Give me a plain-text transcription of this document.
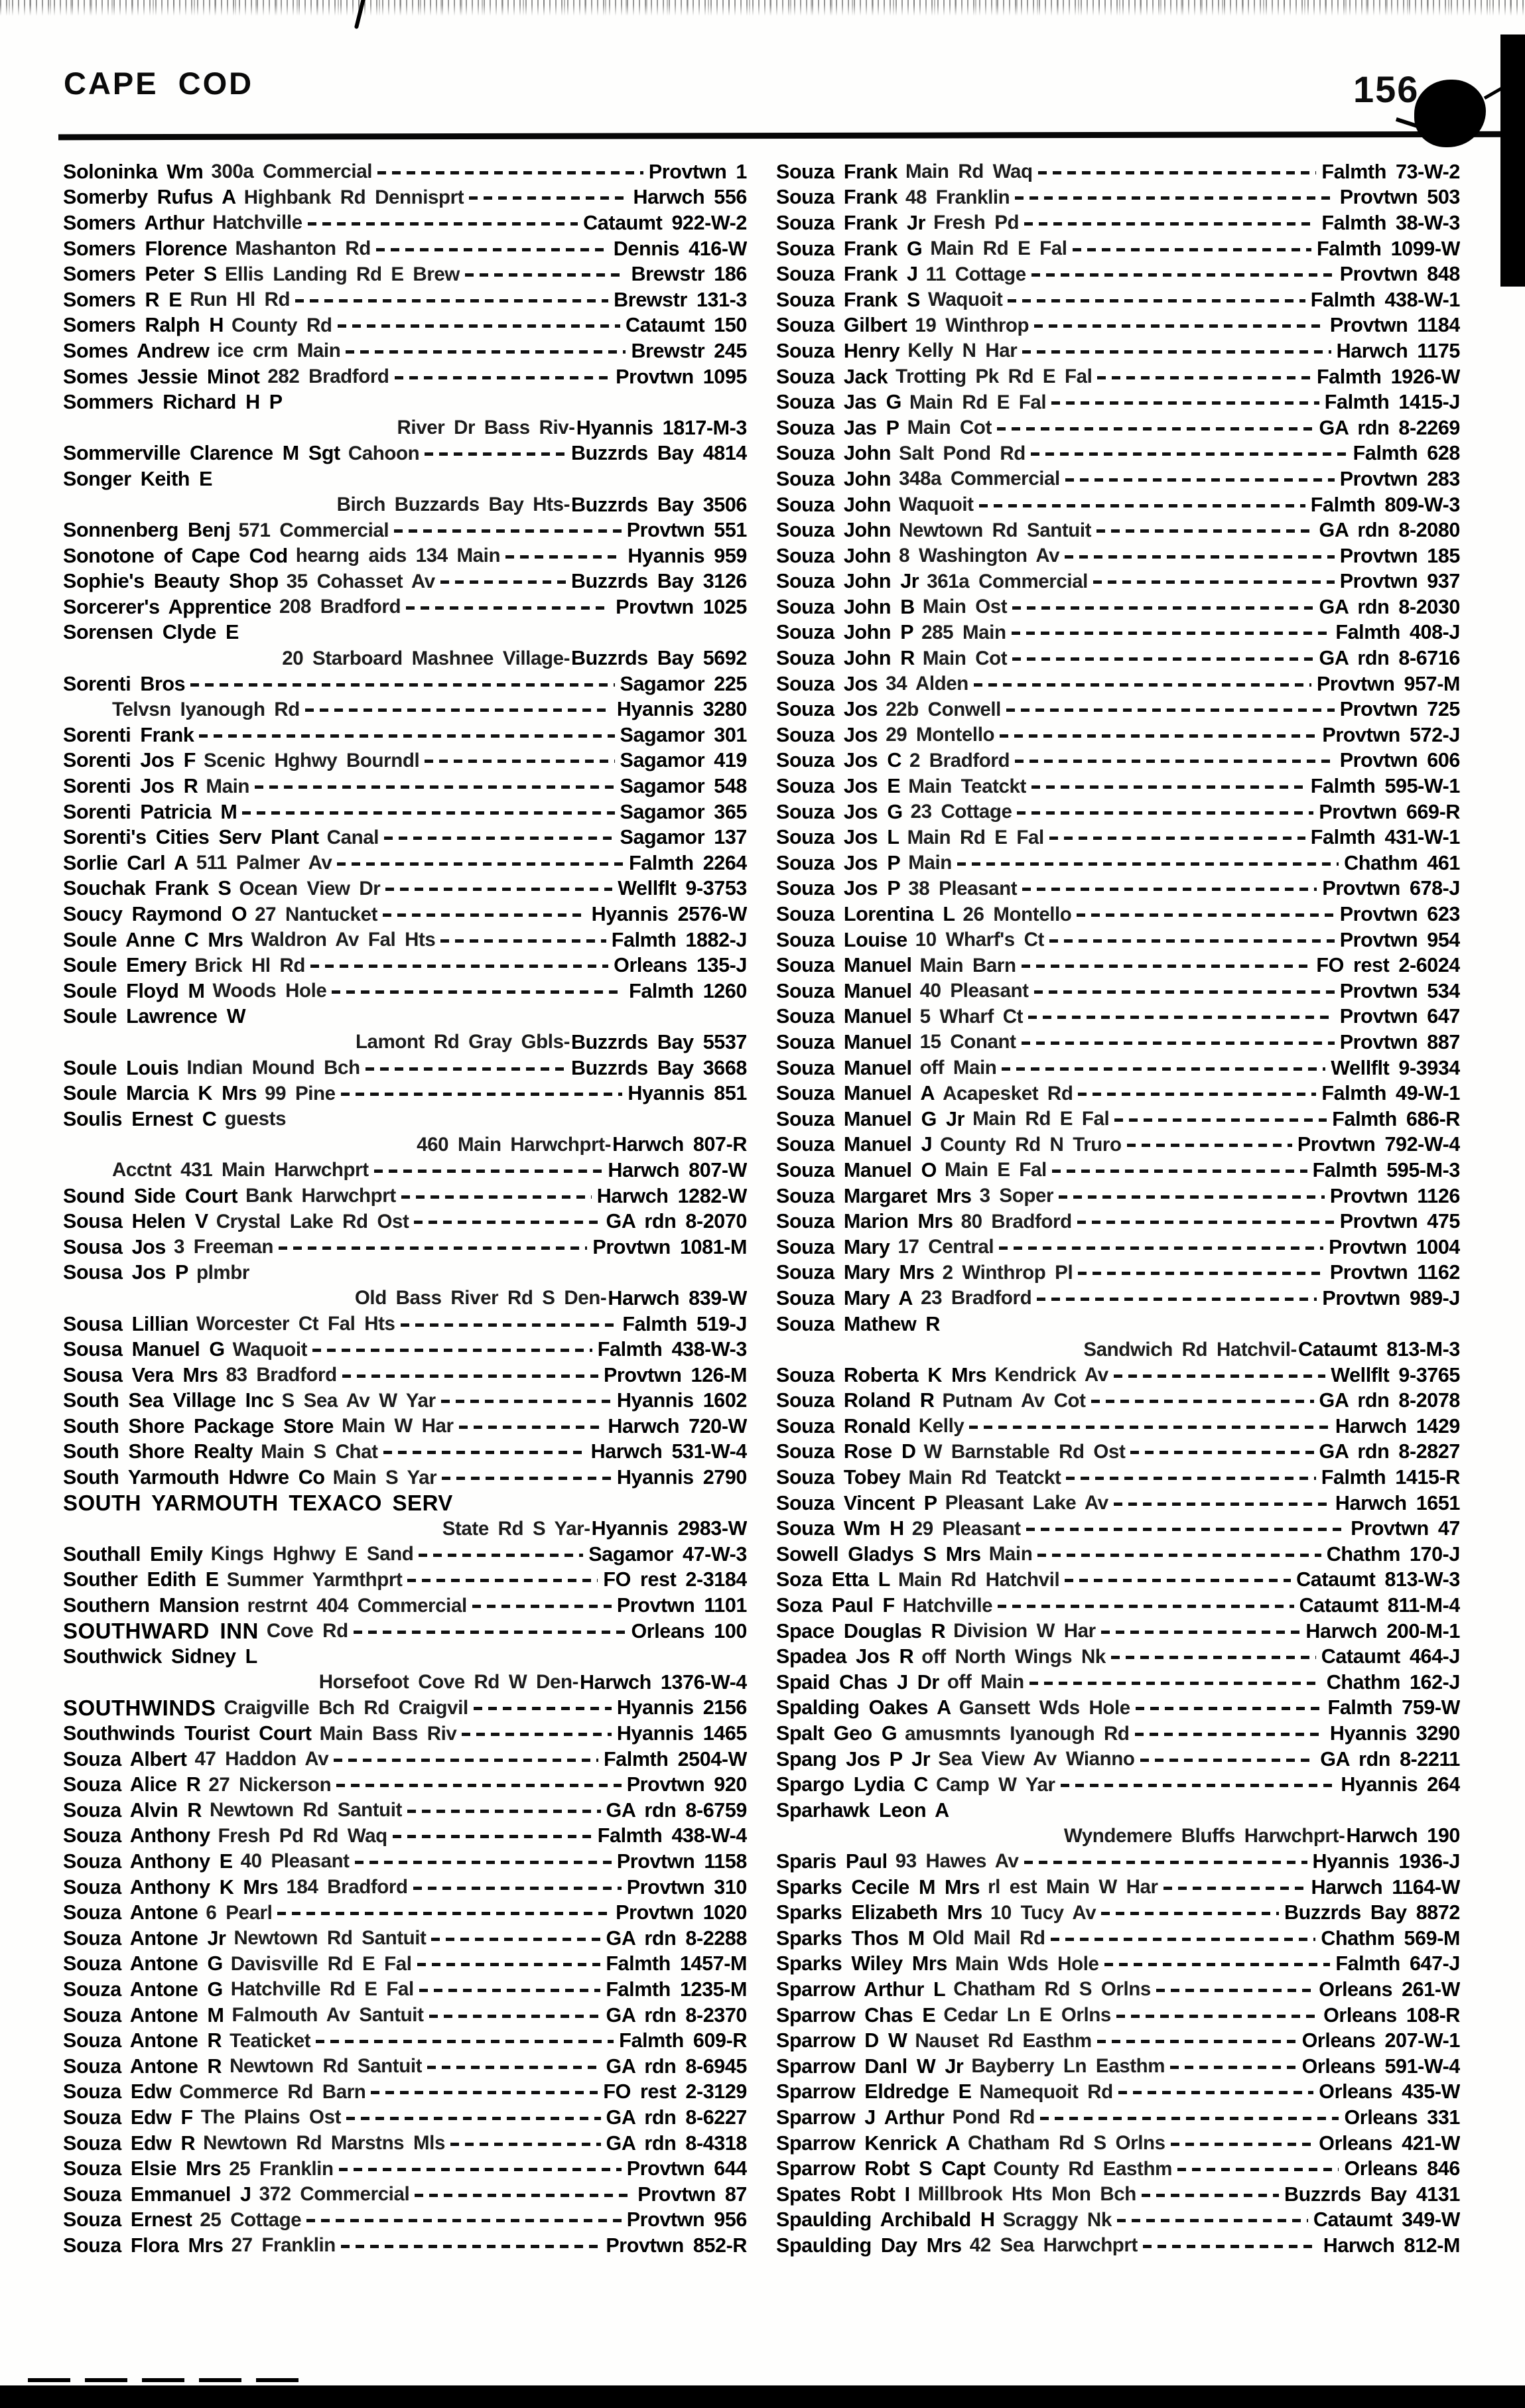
CAPE COD	156
Soloninka Wm 300a Commercial	Provtwn 1
Somerby Rufus A Highbank Rd Dennisprt	Harwch 556
Somers Arthur Hatchville	Cataumt 922-W-2
Somers Florence Mashanton Rd	Dennis 416-W
Somers Peter S Ellis Landing Rd E Brew	Brewstr 186
Somers R E Run Hl Rd	Brewstr 131-3
Somers Ralph H County Rd	Cataumt 150
Somes Andrew ice crm Main	Brewstr 245
Somes Jessie Minot 282 Bradford	Provtwn 1095
Sommers Richard H P
River Dr Bass Riv- Hyannis 1817-M-3
Sommerville Clarence M Sgt Cahoon	Buzzrds Bay 4814
Songer Keith E
Birch Buzzards Bay Hts- Buzzrds Bay 3506
Sonnenberg Benj 571 Commercial	Provtwn 551
Sonotone of Cape Cod hearng aids 134 Main	Hyannis 959
Sophie's Beauty Shop 35 Cohasset Av	Buzzrds Bay 3126
Sorcerer's Apprentice 208 Bradford	Provtwn 1025
Sorensen Clyde E
20 Starboard Mashnee Village- Buzzrds Bay 5692
Sorenti Bros	Sagamor 225
Telvsn Iyanough Rd	Hyannis 3280
Sorenti Frank	Sagamor 301
Sorenti Jos F Scenic Hghwy Bourndl	Sagamor 419
Sorenti Jos R Main	Sagamor 548
Sorenti Patricia M	Sagamor 365
Sorenti's Cities Serv Plant Canal	Sagamor 137
Sorlie Carl A 511 Palmer Av	Falmth 2264
Souchak Frank S Ocean View Dr	Wellflt 9-3753
Soucy Raymond O 27 Nantucket	Hyannis 2576-W
Soule Anne C Mrs Waldron Av Fal Hts	Falmth 1882-J
Soule Emery Brick Hl Rd	Orleans 135-J
Soule Floyd M Woods Hole	Falmth 1260
Soule Lawrence W
Lamont Rd Gray Gbls- Buzzrds Bay 5537
Soule Louis Indian Mound Bch	Buzzrds Bay 3668
Soule Marcia K Mrs 99 Pine	Hyannis 851
Soulis Ernest C guests
460 Main Harwchprt- Harwch 807-R
Acctnt 431 Main Harwchprt	Harwch 807-W
Sound Side Court Bank Harwchprt	Harwch 1282-W
Sousa Helen V Crystal Lake Rd Ost	GA rdn 8-2070
Sousa Jos 3 Freeman	Provtwn 1081-M
Sousa Jos P plmbr
Old Bass River Rd S Den- Harwch 839-W
Sousa Lillian Worcester Ct Fal Hts	Falmth 519-J
Sousa Manuel G Waquoit	Falmth 438-W-3
Sousa Vera Mrs 83 Bradford	Provtwn 126-M
South Sea Village Inc S Sea Av W Yar	Hyannis 1602
South Shore Package Store Main W Har	Harwch 720-W
South Shore Realty Main S Chat	Harwch 531-W-4
South Yarmouth Hdwre Co Main S Yar	Hyannis 2790
SOUTH YARMOUTH TEXACO SERV
State Rd S Yar- Hyannis 2983-W
Southall Emily Kings Hghwy E Sand	Sagamor 47-W-3
Souther Edith E Summer Yarmthprt	FO rest 2-3184
Southern Mansion restrnt 404 Commercial	Provtwn 1101
SOUTHWARD INN Cove Rd	Orleans 100
Southwick Sidney L
Horsefoot Cove Rd W Den- Harwch 1376-W-4
SOUTHWINDS Craigville Bch Rd Craigvil	Hyannis 2156
Southwinds Tourist Court Main Bass Riv	Hyannis 1465
Souza Albert 47 Haddon Av	Falmth 2504-W
Souza Alice R 27 Nickerson	Provtwn 920
Souza Alvin R Newtown Rd Santuit	GA rdn 8-6759
Souza Anthony Fresh Pd Rd Waq	Falmth 438-W-4
Souza Anthony E 40 Pleasant	Provtwn 1158
Souza Anthony K Mrs 184 Bradford	Provtwn 310
Souza Antone 6 Pearl	Provtwn 1020
Souza Antone Jr Newtown Rd Santuit	GA rdn 8-2288
Souza Antone G Davisville Rd E Fal	Falmth 1457-M
Souza Antone G Hatchville Rd E Fal	Falmth 1235-M
Souza Antone M Falmouth Av Santuit	GA rdn 8-2370
Souza Antone R Teaticket	Falmth 609-R
Souza Antone R Newtown Rd Santuit	GA rdn 8-6945
Souza Edw Commerce Rd Barn	FO rest 2-3129
Souza Edw F The Plains Ost	GA rdn 8-6227
Souza Edw R Newtown Rd Marstns Mls	GA rdn 8-4318
Souza Elsie Mrs 25 Franklin	Provtwn 644
Souza Emmanuel J 372 Commercial	Provtwn 87
Souza Ernest 25 Cottage	Provtwn 956
Souza Flora Mrs 27 Franklin	Provtwn 852-R
Souza Frank Main Rd Waq	Falmth 73-W-2
Souza Frank 48 Franklin	Provtwn 503
Souza Frank Jr Fresh Pd	Falmth 38-W-3
Souza Frank G Main Rd E Fal	Falmth 1099-W
Souza Frank J 11 Cottage	Provtwn 848
Souza Frank S Waquoit	Falmth 438-W-1
Souza Gilbert 19 Winthrop	Provtwn 1184
Souza Henry Kelly N Har	Harwch 1175
Souza Jack Trotting Pk Rd E Fal	Falmth 1926-W
Souza Jas G Main Rd E Fal	Falmth 1415-J
Souza Jas P Main Cot	GA rdn 8-2269
Souza John Salt Pond Rd	Falmth 628
Souza John 348a Commercial	Provtwn 283
Souza John Waquoit	Falmth 809-W-3
Souza John Newtown Rd Santuit	GA rdn 8-2080
Souza John 8 Washington Av	Provtwn 185
Souza John Jr 361a Commercial	Provtwn 937
Souza John B Main Ost	GA rdn 8-2030
Souza John P 285 Main	Falmth 408-J
Souza John R Main Cot	GA rdn 8-6716
Souza Jos 34 Alden	Provtwn 957-M
Souza Jos 22b Conwell	Provtwn 725
Souza Jos 29 Montello	Provtwn 572-J
Souza Jos C 2 Bradford	Provtwn 606
Souza Jos E Main Teatckt	Falmth 595-W-1
Souza Jos G 23 Cottage	Provtwn 669-R
Souza Jos L Main Rd E Fal	Falmth 431-W-1
Souza Jos P Main	Chathm 461
Souza Jos P 38 Pleasant	Provtwn 678-J
Souza Lorentina L 26 Montello	Provtwn 623
Souza Louise 10 Wharf's Ct	Provtwn 954
Souza Manuel Main Barn	FO rest 2-6024
Souza Manuel 40 Pleasant	Provtwn 534
Souza Manuel 5 Wharf Ct	Provtwn 647
Souza Manuel 15 Conant	Provtwn 887
Souza Manuel off Main	Wellflt 9-3934
Souza Manuel A Acapesket Rd	Falmth 49-W-1
Souza Manuel G Jr Main Rd E Fal	Falmth 686-R
Souza Manuel J County Rd N Truro	Provtwn 792-W-4
Souza Manuel O Main E Fal	Falmth 595-M-3
Souza Margaret Mrs 3 Soper	Provtwn 1126
Souza Marion Mrs 80 Bradford	Provtwn 475
Souza Mary 17 Central	Provtwn 1004
Souza Mary Mrs 2 Winthrop Pl	Provtwn 1162
Souza Mary A 23 Bradford	Provtwn 989-J
Souza Mathew R
Sandwich Rd Hatchvil- Cataumt 813-M-3
Souza Roberta K Mrs Kendrick Av	Wellflt 9-3765
Souza Roland R Putnam Av Cot	GA rdn 8-2078
Souza Ronald Kelly	Harwch 1429
Souza Rose D W Barnstable Rd Ost	GA rdn 8-2827
Souza Tobey Main Rd Teatckt	Falmth 1415-R
Souza Vincent P Pleasant Lake Av	Harwch 1651
Souza Wm H 29 Pleasant	Provtwn 47
Sowell Gladys S Mrs Main	Chathm 170-J
Soza Etta L Main Rd Hatchvil	Cataumt 813-W-3
Soza Paul F Hatchville	Cataumt 811-M-4
Space Douglas R Division W Har	Harwch 200-M-1
Spadea Jos R off North Wings Nk	Cataumt 464-J
Spaid Chas J Dr off Main	Chathm 162-J
Spalding Oakes A Gansett Wds Hole	Falmth 759-W
Spalt Geo G amusmnts Iyanough Rd	Hyannis 3290
Spang Jos P Jr Sea View Av Wianno	GA rdn 8-2211
Spargo Lydia C Camp W Yar	Hyannis 264
Sparhawk Leon A
Wyndemere Bluffs Harwchprt- Harwch 190
Sparis Paul 93 Hawes Av	Hyannis 1936-J
Sparks Cecile M Mrs rl est Main W Har	Harwch 1164-W
Sparks Elizabeth Mrs 10 Tucy Av	Buzzrds Bay 8872
Sparks Thos M Old Mail Rd	Chathm 569-M
Sparks Wiley Mrs Main Wds Hole	Falmth 647-J
Sparrow Arthur L Chatham Rd S Orlns	Orleans 261-W
Sparrow Chas E Cedar Ln E Orlns	Orleans 108-R
Sparrow D W Nauset Rd Easthm	Orleans 207-W-1
Sparrow Danl W Jr Bayberry Ln Easthm	Orleans 591-W-4
Sparrow Eldredge E Namequoit Rd	Orleans 435-W
Sparrow J Arthur Pond Rd	Orleans 331
Sparrow Kenrick A Chatham Rd S Orlns	Orleans 421-W
Sparrow Robt S Capt County Rd Easthm	Orleans 846
Spates Robt I Millbrook Hts Mon Bch	Buzzrds Bay 4131
Spaulding Archibald H Scraggy Nk	Cataumt 349-W
Spaulding Day Mrs 42 Sea Harwchprt	Harwch 812-M
